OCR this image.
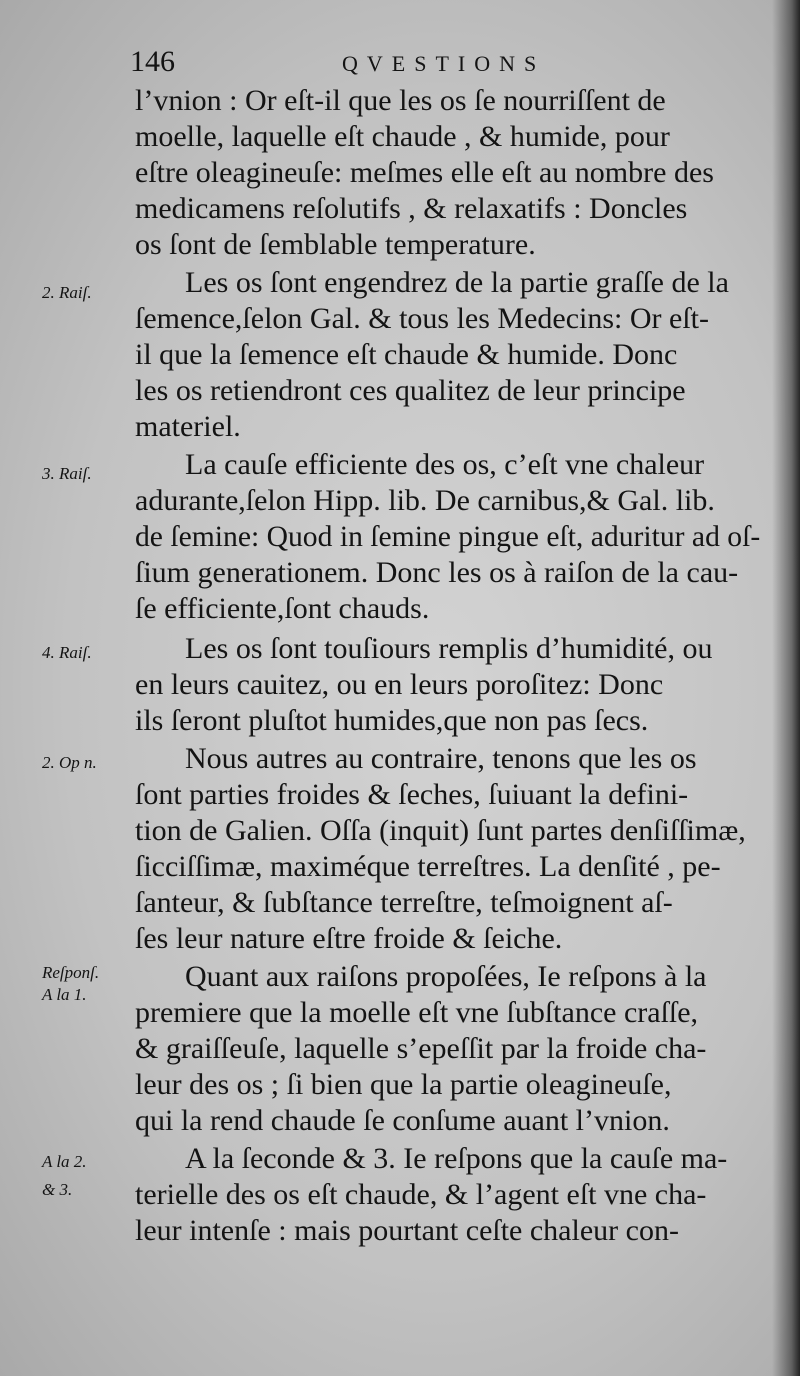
146	QVESTIONS
l’vnion : Or eſt-il que les os ſe nourriſſent de
moelle, laquelle eſt chaude , & humide, pour
eſtre oleagineuſe: meſmes elle eſt au nombre des
medicamens reſolutifs , & relaxatifs : Doncles
os ſont de ſemblable temperature.
Les os ſont engendrez de la partie graſſe de la
ſemence,ſelon Gal. & tous les Medecins: Or eſt-
il que la ſemence eſt chaude & humide. Donc
les os retiendront ces qualitez de leur principe
materiel.
La cauſe efficiente des os, c’eſt vne chaleur
adurante,ſelon Hipp. lib. De carnibus,& Gal. lib.
de ſemine: Quod in ſemine pingue eſt, aduritur ad oſ-
ſium generationem. Donc les os à raiſon de la cau-
ſe efficiente,ſont chauds.
Les os ſont touſiours remplis d’humidité, ou
en leurs cauitez, ou en leurs poroſitez: Donc
ils ſeront pluſtot humides,que non pas ſecs.
Nous autres au contraire, tenons que les os
ſont parties froides & ſeches, ſuiuant la defini-
tion de Galien. Oſſa (inquit) ſunt partes denſiſſimæ,
ſicciſſimæ, maximéque terreſtres. La denſité , pe-
ſanteur, & ſubſtance terreſtre, teſmoignent aſ-
ſes leur nature eſtre froide & ſeiche.
Quant aux raiſons propoſées, Ie reſpons à la
premiere que la moelle eſt vne ſubſtance craſſe,
& graiſſeuſe, laquelle s’epeſſit par la froide cha-
leur des os ; ſi bien que la partie oleagineuſe,
qui la rend chaude ſe conſume auant l’vnion.
A la ſeconde & 3. Ie reſpons que la cauſe ma-
terielle des os eſt chaude, & l’agent eſt vne cha-
leur intenſe : mais pourtant ceſte chaleur con-
2. Raiſ.
3. Raiſ.
4. Raiſ.
2. Op n.
Reſponſ.
A la 1.
A la 2.
& 3.
